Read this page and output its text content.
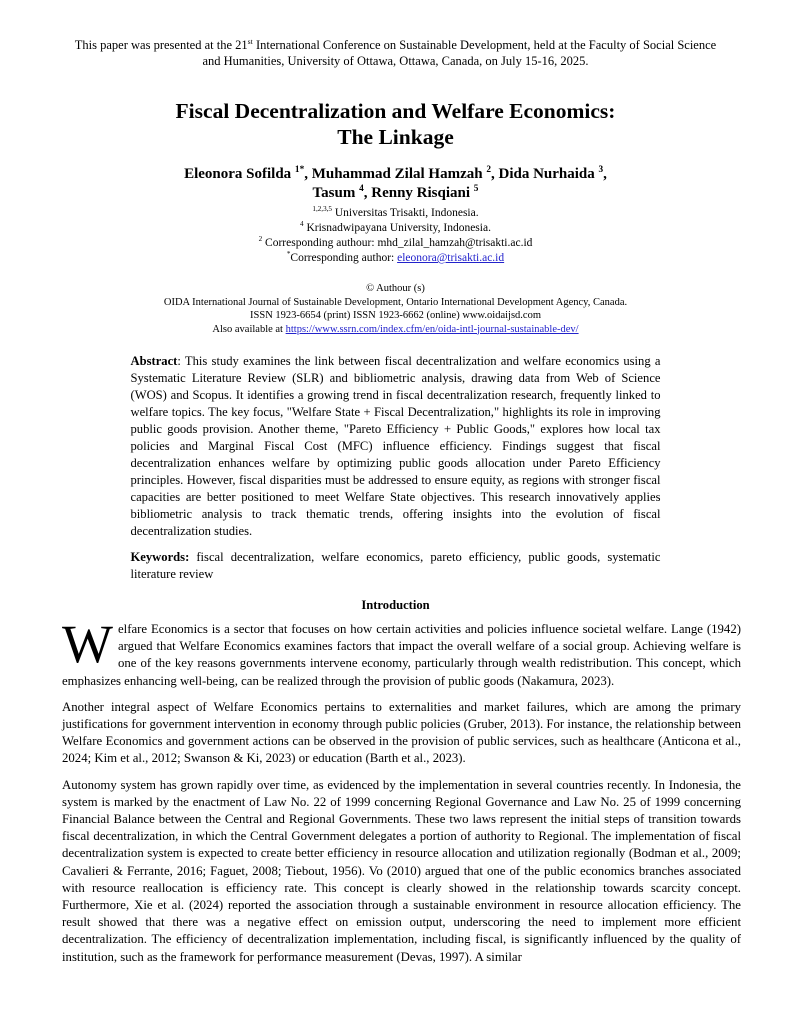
This paper was presented at the 21st International Conference on Sustainable Development, held at the Faculty of Social Science and Humanities, University of Ottawa, Ottawa, Canada, on July 15-16, 2025.
Fiscal Decentralization and Welfare Economics:
The Linkage
Eleonora Sofilda $^{1*}$, Muhammad Zilal Hamzah $^2$, Dida Nurhaida $^3$,
Tasum $^4$, Renny Risqiani $^5$
$^{1,2,3,5}$ Universitas Trisakti, Indonesia.
$^4$ Krisnadwipayana University, Indonesia.
$^2$ Corresponding authour: mhd_zilal_hamzah@trisakti.ac.id
*Corresponding author: eleonora@trisakti.ac.id
© Authour (s)
OIDA International Journal of Sustainable Development, Ontario International Development Agency, Canada.
ISSN 1923-6654 (print) ISSN 1923-6662 (online) www.oidaijsd.com
Also available at https://www.ssrn.com/index.cfm/en/oida-intl-journal-sustainable-dev/
Abstract: This study examines the link between fiscal decentralization and welfare economics using a Systematic Literature Review (SLR) and bibliometric analysis, drawing data from Web of Science (WOS) and Scopus. It identifies a growing trend in fiscal decentralization research, frequently linked to welfare topics. The key focus, "Welfare State + Fiscal Decentralization," highlights its role in improving public goods provision. Another theme, "Pareto Efficiency + Public Goods," explores how local tax policies and Marginal Fiscal Cost (MFC) influence efficiency. Findings suggest that fiscal decentralization enhances welfare by optimizing public goods allocation under Pareto Efficiency principles. However, fiscal disparities must be addressed to ensure equity, as regions with stronger fiscal capacities are better positioned to meet Welfare State objectives. This research innovatively applies bibliometric analysis to track thematic trends, offering insights into the evolution of fiscal decentralization studies.
Keywords: fiscal decentralization, welfare economics, pareto efficiency, public goods, systematic literature review
Introduction

Welfare Economics is a sector that focuses on how certain activities and policies influence societal welfare. Lange (1942) argued that Welfare Economics examines factors that impact the overall welfare of a social group. Achieving welfare is one of the key reasons governments intervene economy, particularly through wealth redistribution. This concept, which emphasizes enhancing well-being, can be realized through the provision of public goods (Nakamura, 2023).

Another integral aspect of Welfare Economics pertains to externalities and market failures, which are among the primary justifications for government intervention in economy through public policies (Gruber, 2013). For instance, the relationship between Welfare Economics and government actions can be observed in the provision of public services, such as healthcare (Anticona et al., 2024; Kim et al., 2012; Swanson & Ki, 2023) or education (Barth et al., 2023).

Autonomy system has grown rapidly over time, as evidenced by the implementation in several countries recently. In Indonesia, the system is marked by the enactment of Law No. 22 of 1999 concerning Regional Governance and Law No. 25 of 1999 concerning Financial Balance between the Central and Regional Governments. These two laws represent the initial steps of transition towards fiscal decentralization, in which the Central Government delegates a portion of authority to Regional. The implementation of fiscal decentralization system is expected to create better efficiency in resource allocation and utilization regionally (Bodman et al., 2009; Cavalieri & Ferrante, 2016; Faguet, 2008; Tiebout, 1956). Vo (2010) argued that one of the public economics branches associated with resource reallocation is efficiency rate. This concept is clearly showed in the relationship towards scarcity concept. Furthermore, Xie et al. (2024) reported the association through a sustainable environment in resource allocation efficiency. The result showed that there was a negative effect on emission output, underscoring the need to implement more efficient decentralization. The efficiency of decentralization implementation, including fiscal, is significantly influenced by the quality of institution, such as the framework for performance measurement (Devas, 1997). A similar
